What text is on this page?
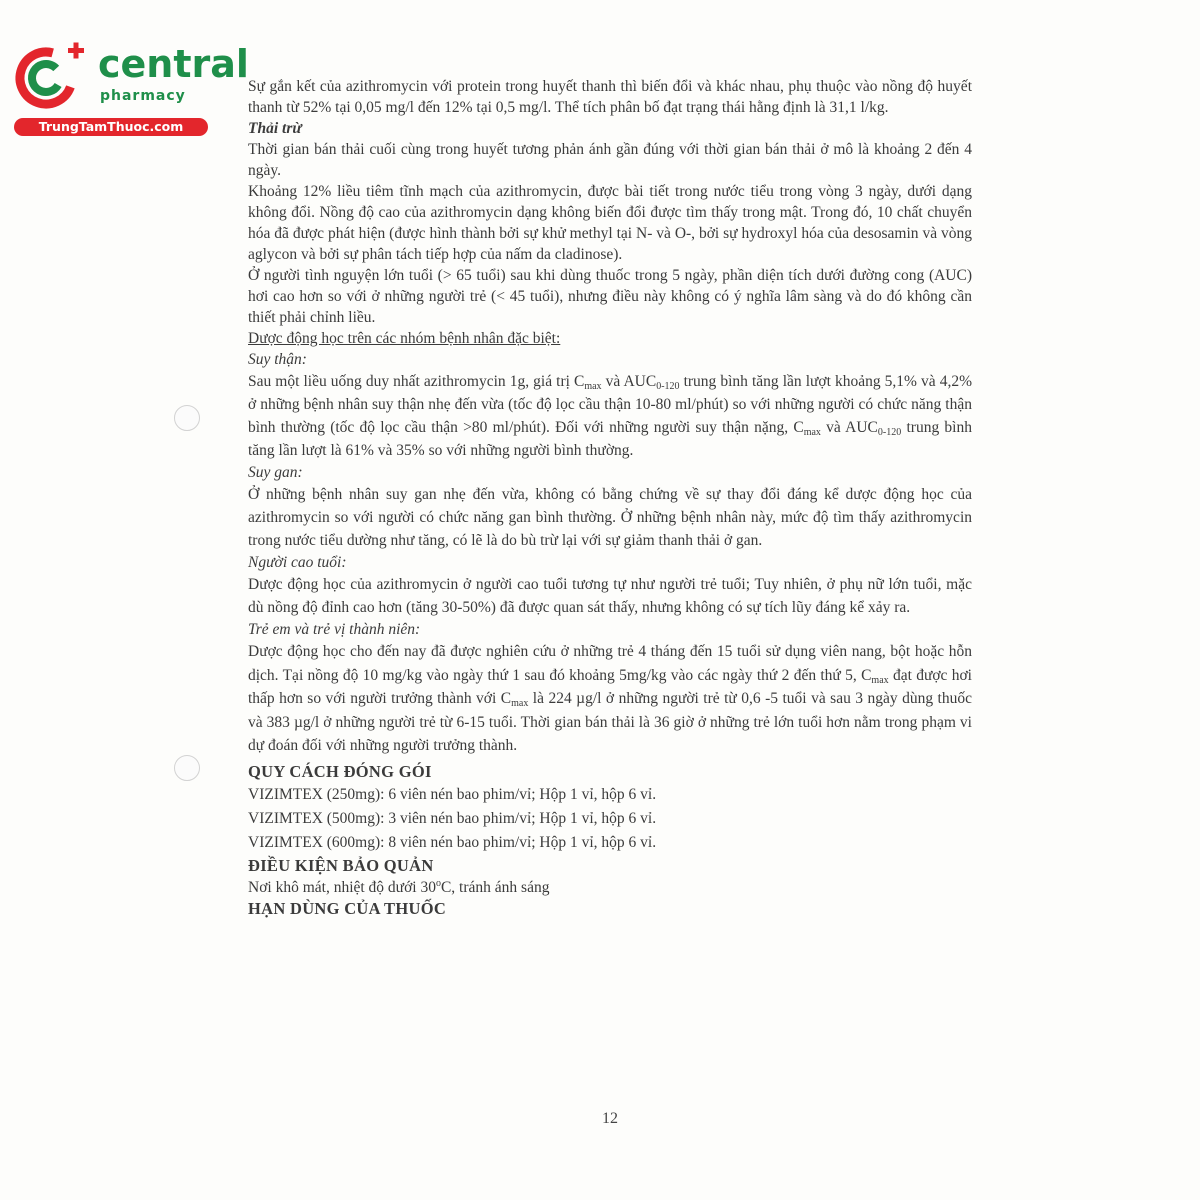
central
pharmacy
TrungTamThuoc.com

Sự gắn kết của azithromycin với protein trong huyết thanh thì biến đổi và khác nhau, phụ thuộc vào nồng độ huyết thanh từ 52% tại 0,05 mg/l đến 12% tại 0,5 mg/l. Thể tích phân bố đạt trạng thái hằng định là 31,1 l/kg.

Thải trừ

Thời gian bán thải cuối cùng trong huyết tương phản ánh gần đúng với thời gian bán thải ở mô là khoảng 2 đến 4 ngày.

Khoảng 12% liều tiêm tĩnh mạch của azithromycin, được bài tiết trong nước tiểu trong vòng 3 ngày, dưới dạng không đổi. Nồng độ cao của azithromycin dạng không biến đổi được tìm thấy trong mật. Trong đó, 10 chất chuyển hóa đã được phát hiện (được hình thành bởi sự khử methyl tại N- và O-, bởi sự hydroxyl hóa của desosamin và vòng aglycon và bởi sự phân tách tiếp hợp của nấm da cladinose).

Ở người tình nguyện lớn tuổi (> 65 tuổi) sau khi dùng thuốc trong 5 ngày, phần diện tích dưới đường cong (AUC) hơi cao hơn so với ở những người trẻ (< 45 tuổi), nhưng điều này không có ý nghĩa lâm sàng và do đó không cần thiết phải chỉnh liều.

Dược động học trên các nhóm bệnh nhân đặc biệt:

Suy thận:

Sau một liều uống duy nhất azithromycin 1g, giá trị $C_{max}$ và $AUC_{0-120}$ trung bình tăng lần lượt khoảng 5,1% và 4,2% ở những bệnh nhân suy thận nhẹ đến vừa (tốc độ lọc cầu thận 10-80 ml/phút) so với những người có chức năng thận bình thường (tốc độ lọc cầu thận >80 ml/phút). Đối với những người suy thận nặng, $C_{max}$ và $AUC_{0-120}$ trung bình tăng lần lượt là 61% và 35% so với những người bình thường.

Suy gan:

Ở những bệnh nhân suy gan nhẹ đến vừa, không có bằng chứng về sự thay đổi đáng kể dược động học của azithromycin so với người có chức năng gan bình thường. Ở những bệnh nhân này, mức độ tìm thấy azithromycin trong nước tiểu dường như tăng, có lẽ là do bù trừ lại với sự giảm thanh thải ở gan.

Người cao tuổi:

Dược động học của azithromycin ở người cao tuổi tương tự như người trẻ tuổi; Tuy nhiên, ở phụ nữ lớn tuổi, mặc dù nồng độ đỉnh cao hơn (tăng 30-50%) đã được quan sát thấy, nhưng không có sự tích lũy đáng kể xảy ra.

Trẻ em và trẻ vị thành niên:

Dược động học cho đến nay đã được nghiên cứu ở những trẻ 4 tháng đến 15 tuổi sử dụng viên nang, bột hoặc hỗn dịch. Tại nồng độ 10 mg/kg vào ngày thứ 1 sau đó khoảng 5mg/kg vào các ngày thứ 2 đến thứ 5, $C_{max}$ đạt được hơi thấp hơn so với người trưởng thành với $C_{max}$ là 224 µg/l ở những người trẻ từ 0,6 -5 tuổi và sau 3 ngày dùng thuốc và 383 µg/l ở những người trẻ từ 6-15 tuổi. Thời gian bán thải là 36 giờ ở những trẻ lớn tuổi hơn nằm trong phạm vi dự đoán đối với những người trưởng thành.

QUY CÁCH ĐÓNG GÓI

VIZIMTEX (250mg): 6 viên nén bao phim/vỉ; Hộp 1 vỉ, hộp 6 vỉ.

VIZIMTEX (500mg): 3 viên nén bao phim/vỉ; Hộp 1 vỉ, hộp 6 vỉ.

VIZIMTEX (600mg): 8 viên nén bao phim/vỉ; Hộp 1 vỉ, hộp 6 vỉ.

ĐIỀU KIỆN BẢO QUẢN

Nơi khô mát, nhiệt độ dưới 30$^o$C, tránh ánh sáng

HẠN DÙNG CỦA THUỐC

12
